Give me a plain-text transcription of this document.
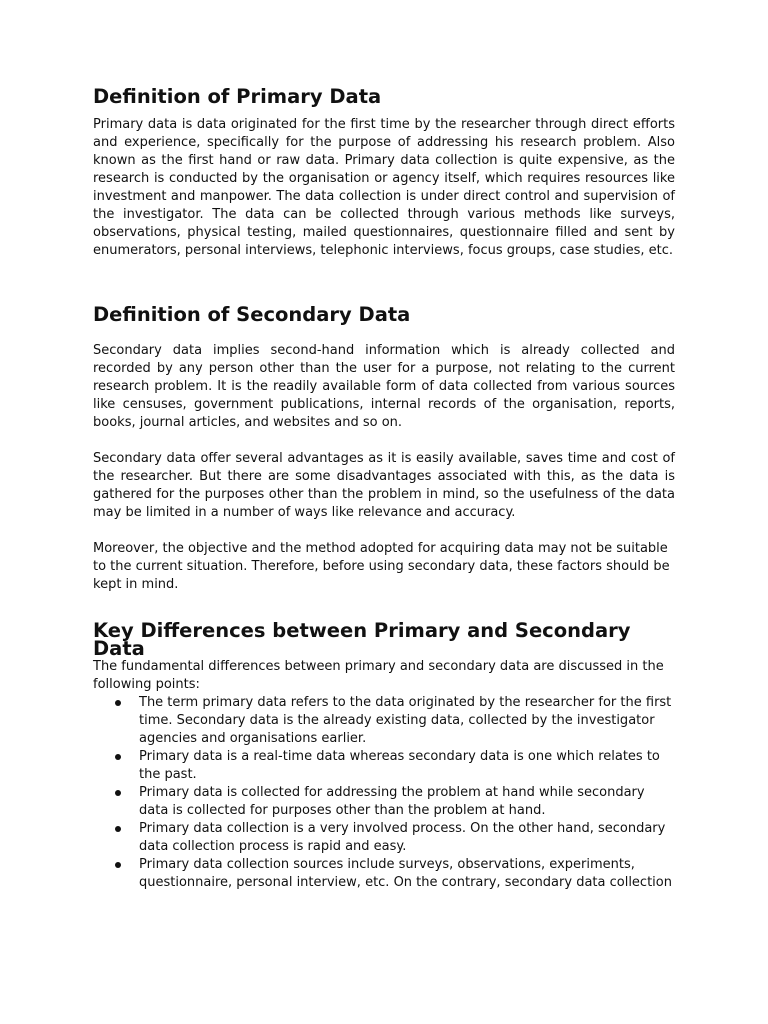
Definition of Primary Data

Primary data is data originated for the first time by the researcher through direct efforts and experience, specifically for the purpose of addressing his research problem. Also known as the first hand or raw data. Primary data collection is quite expensive, as the research is conducted by the organisation or agency itself, which requires resources like investment and manpower. The data collection is under direct control and supervision of the investigator. The data can be collected through various methods like surveys, observations, physical testing, mailed questionnaires, questionnaire filled and sent by enumerators, personal interviews, telephonic interviews, focus groups, case studies, etc.

Definition of Secondary Data

Secondary data implies second-hand information which is already collected and recorded by any person other than the user for a purpose, not relating to the current research problem. It is the readily available form of data collected from various sources like censuses, government publications, internal records of the organisation, reports, books, journal articles, and websites and so on.

Secondary data offer several advantages as it is easily available, saves time and cost of the researcher. But there are some disadvantages associated with this, as the data is gathered for the purposes other than the problem in mind, so the usefulness of the data may be limited in a number of ways like relevance and accuracy.

Moreover, the objective and the method adopted for acquiring data may not be suitable to the current situation. Therefore, before using secondary data, these factors should be kept in mind.

Key Differences between Primary and Secondary Data

The fundamental differences between primary and secondary data are discussed in the following points:

The term primary data refers to the data originated by the researcher for the first time. Secondary data is the already existing data, collected by the investigator agencies and organisations earlier.
Primary data is a real-time data whereas secondary data is one which relates to the past.
Primary data is collected for addressing the problem at hand while secondary data is collected for purposes other than the problem at hand.
Primary data collection is a very involved process. On the other hand, secondary data collection process is rapid and easy.
Primary data collection sources include surveys, observations, experiments, questionnaire, personal interview, etc. On the contrary, secondary data collection
